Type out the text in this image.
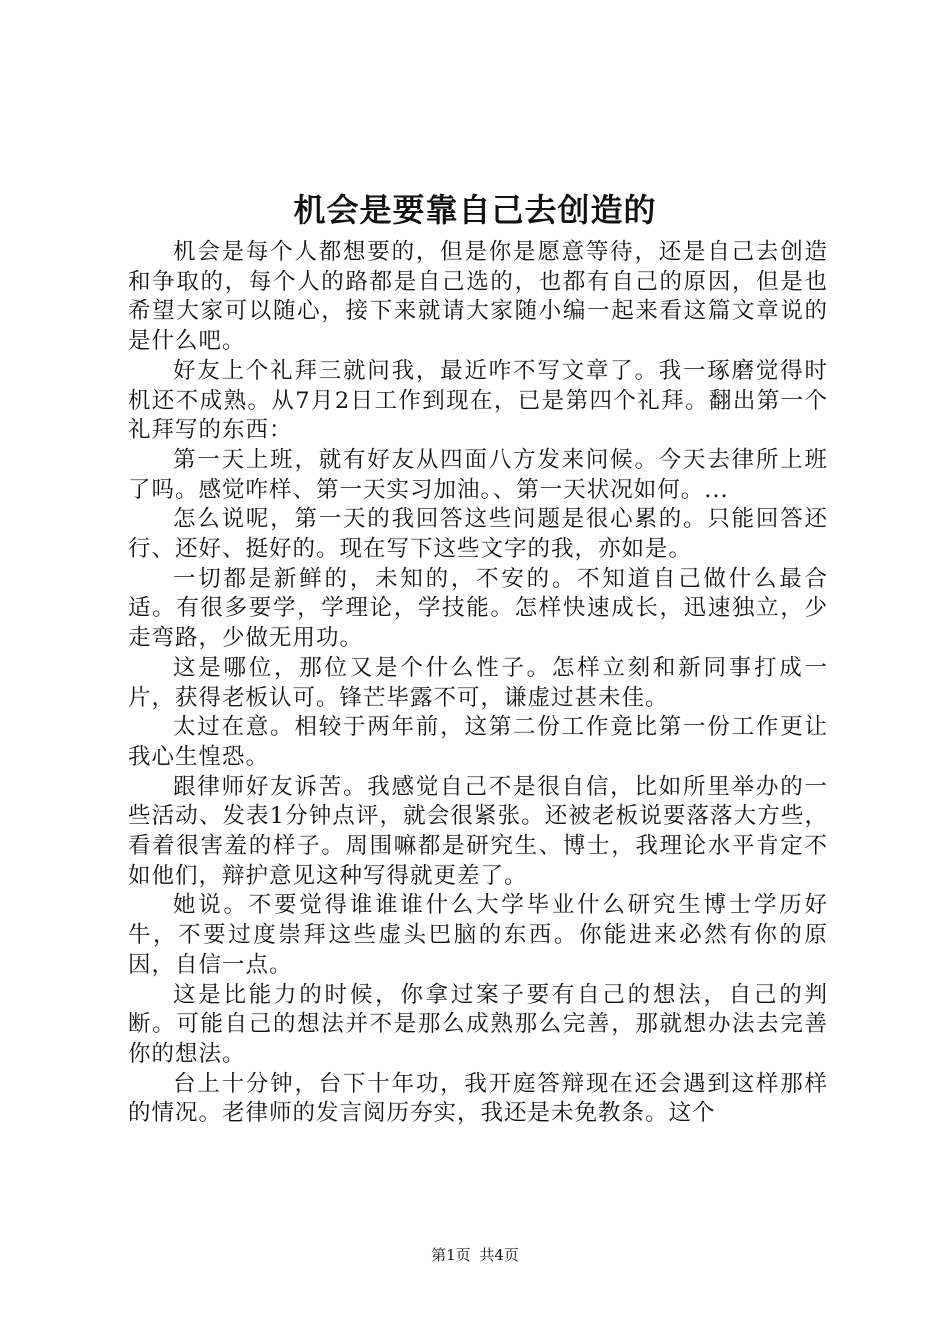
机会是要靠自己去创造的

机会是每个人都想要的，但是你是愿意等待，还是自己去创造和争取的，每个人的路都是自己选的，也都有自己的原因，但是也希望大家可以随心，接下来就请大家随小编一起来看这篇文章说的是什么吧。

好友上个礼拜三就问我，最近咋不写文章了。我一琢磨觉得时机还不成熟。从7月2日工作到现在，已是第四个礼拜。翻出第一个礼拜写的东西：

第一天上班，就有好友从四面八方发来问候。今天去律所上班了吗。感觉咋样、第一天实习加油。、第一天状况如何。...

怎么说呢，第一天的我回答这些问题是很心累的。只能回答还行、还好、挺好的。现在写下这些文字的我，亦如是。

一切都是新鲜的，未知的，不安的。不知道自己做什么最合适。有很多要学，学理论，学技能。怎样快速成长，迅速独立，少走弯路，少做无用功。

这是哪位，那位又是个什么性子。怎样立刻和新同事打成一片，获得老板认可。锋芒毕露不可，谦虚过甚未佳。

太过在意。相较于两年前，这第二份工作竟比第一份工作更让我心生惶恐。

跟律师好友诉苦。我感觉自己不是很自信，比如所里举办的一些活动、发表1分钟点评，就会很紧张。还被老板说要落落大方些，看着很害羞的样子。周围嘛都是研究生、博士，我理论水平肯定不如他们，辩护意见这种写得就更差了。

她说。不要觉得谁谁谁什么大学毕业什么研究生博士学历好牛，不要过度崇拜这些虚头巴脑的东西。你能进来必然有你的原因，自信一点。

这是比能力的时候，你拿过案子要有自己的想法，自己的判断。可能自己的想法并不是那么成熟那么完善，那就想办法去完善你的想法。

台上十分钟，台下十年功，我开庭答辩现在还会遇到这样那样的情况。老律师的发言阅历夯实，我还是未免教条。这个

第1页 共4页
